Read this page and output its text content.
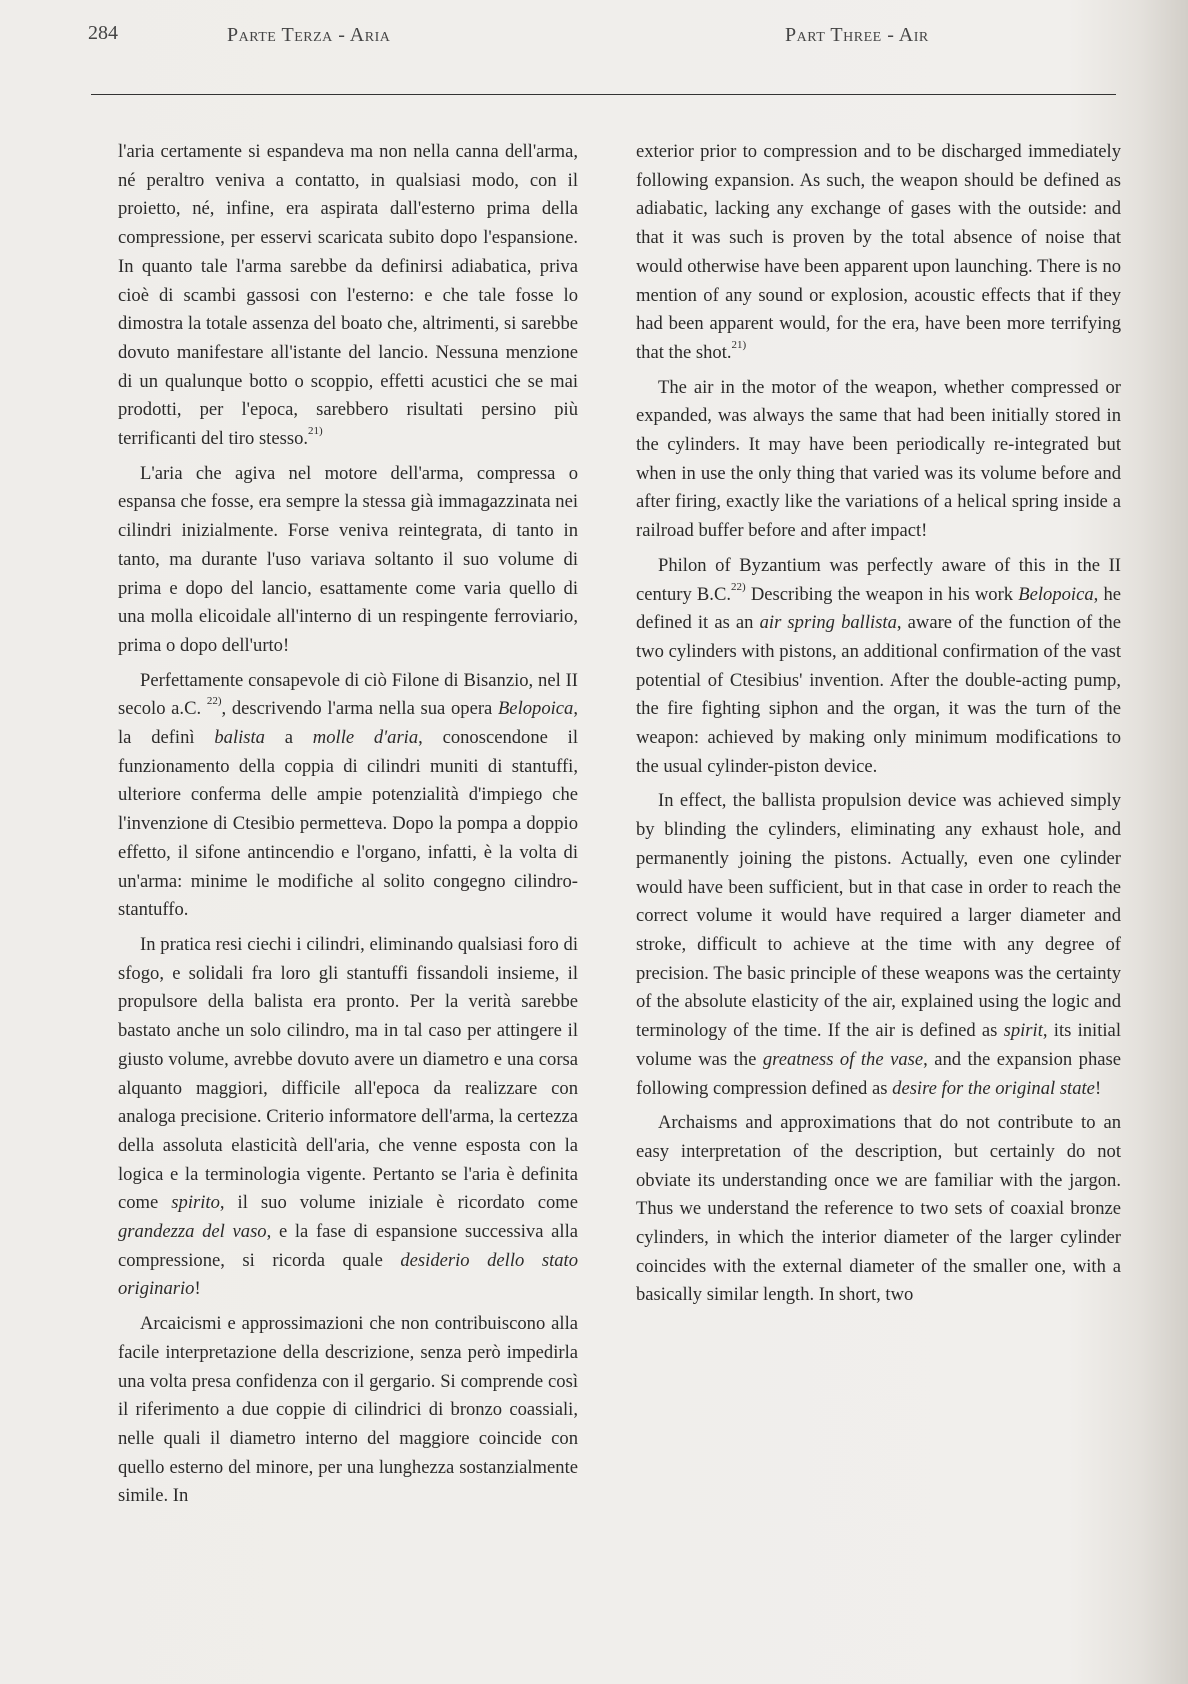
284	Parte Terza - Aria	Part Three - Air

l'aria certamente si espandeva ma non nella canna dell'arma, né peraltro veniva a contatto, in qualsiasi modo, con il proietto, né, infine, era aspirata dall'esterno prima della compressione, per esservi scaricata subito dopo l'espansione. In quanto tale l'arma sarebbe da definirsi adiabatica, priva cioè di scambi gassosi con l'esterno: e che tale fosse lo dimostra la totale assenza del boato che, altrimenti, si sarebbe dovuto manifestare all'istante del lancio. Nessuna menzione di un qualunque botto o scoppio, effetti acustici che se mai prodotti, per l'epoca, sarebbero risultati persino più terrificanti del tiro stesso.$^{21)}$

L'aria che agiva nel motore dell'arma, compressa o espansa che fosse, era sempre la stessa già immagazzinata nei cilindri inizialmente. Forse veniva reintegrata, di tanto in tanto, ma durante l'uso variava soltanto il suo volume di prima e dopo del lancio, esattamente come varia quello di una molla elicoidale all'interno di un respingente ferroviario, prima o dopo dell'urto!

Perfettamente consapevole di ciò Filone di Bisanzio, nel II secolo a.C. $^{22)}$, descrivendo l'arma nella sua opera Belopoica, la definì balista a molle d'aria, conoscendone il funzionamento della coppia di cilindri muniti di stantuffi, ulteriore conferma delle ampie potenzialità d'impiego che l'invenzione di Ctesibio permetteva. Dopo la pompa a doppio effetto, il sifone antincendio e l'organo, infatti, è la volta di un'arma: minime le modifiche al solito congegno cilindro-stantuffo.

In pratica resi ciechi i cilindri, eliminando qualsiasi foro di sfogo, e solidali fra loro gli stantuffi fissandoli insieme, il propulsore della balista era pronto. Per la verità sarebbe bastato anche un solo cilindro, ma in tal caso per attingere il giusto volume, avrebbe dovuto avere un diametro e una corsa alquanto maggiori, difficile all'epoca da realizzare con analoga precisione. Criterio informatore dell'arma, la certezza della assoluta elasticità dell'aria, che venne esposta con la logica e la terminologia vigente. Pertanto se l'aria è definita come spirito, il suo volume iniziale è ricordato come grandezza del vaso, e la fase di espansione successiva alla compressione, si ricorda quale desiderio dello stato originario!

Arcaicismi e approssimazioni che non contribuiscono alla facile interpretazione della descrizione, senza però impedirla una volta presa confidenza con il gergario. Si comprende così il riferimento a due coppie di cilindrici di bronzo coassiali, nelle quali il diametro interno del maggiore coincide con quello esterno del minore, per una lunghezza sostanzialmente simile. In

exterior prior to compression and to be discharged immediately following expansion. As such, the weapon should be defined as adiabatic, lacking any exchange of gases with the outside: and that it was such is proven by the total absence of noise that would otherwise have been apparent upon launching. There is no mention of any sound or explosion, acoustic effects that if they had been apparent would, for the era, have been more terrifying that the shot.$^{21)}$

The air in the motor of the weapon, whether compressed or expanded, was always the same that had been initially stored in the cylinders. It may have been periodically re-integrated but when in use the only thing that varied was its volume before and after firing, exactly like the variations of a helical spring inside a railroad buffer before and after impact!

Philon of Byzantium was perfectly aware of this in the II century B.C.$^{22)}$ Describing the weapon in his work Belopoica, he defined it as an air spring ballista, aware of the function of the two cylinders with pistons, an additional confirmation of the vast potential of Ctesibius' invention. After the double-acting pump, the fire fighting siphon and the organ, it was the turn of the weapon: achieved by making only minimum modifications to the usual cylinder-piston device.

In effect, the ballista propulsion device was achieved simply by blinding the cylinders, eliminating any exhaust hole, and permanently joining the pistons. Actually, even one cylinder would have been sufficient, but in that case in order to reach the correct volume it would have required a larger diameter and stroke, difficult to achieve at the time with any degree of precision. The basic principle of these weapons was the certainty of the absolute elasticity of the air, explained using the logic and terminology of the time. If the air is defined as spirit, its initial volume was the greatness of the vase, and the expansion phase following compression defined as desire for the original state!

Archaisms and approximations that do not contribute to an easy interpretation of the description, but certainly do not obviate its understanding once we are familiar with the jargon. Thus we understand the reference to two sets of coaxial bronze cylinders, in which the interior diameter of the larger cylinder coincides with the external diameter of the smaller one, with a basically similar length. In short, two
